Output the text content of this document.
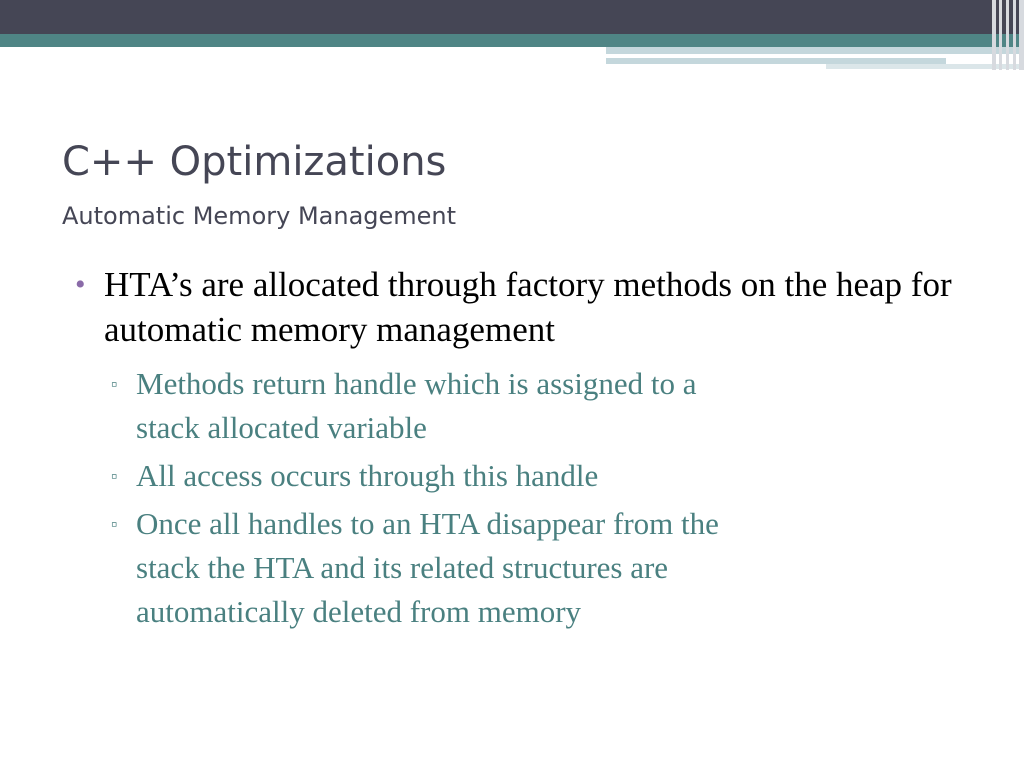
C++ Optimizations
Automatic Memory Management
• HTA’s are allocated through factory methods on the heap for automatic memory management
▫ Methods return handle which is assigned to a
stack allocated variable
▫ All access occurs through this handle
▫ Once all handles to an HTA disappear from the
stack the HTA and its related structures are
automatically deleted from memory
